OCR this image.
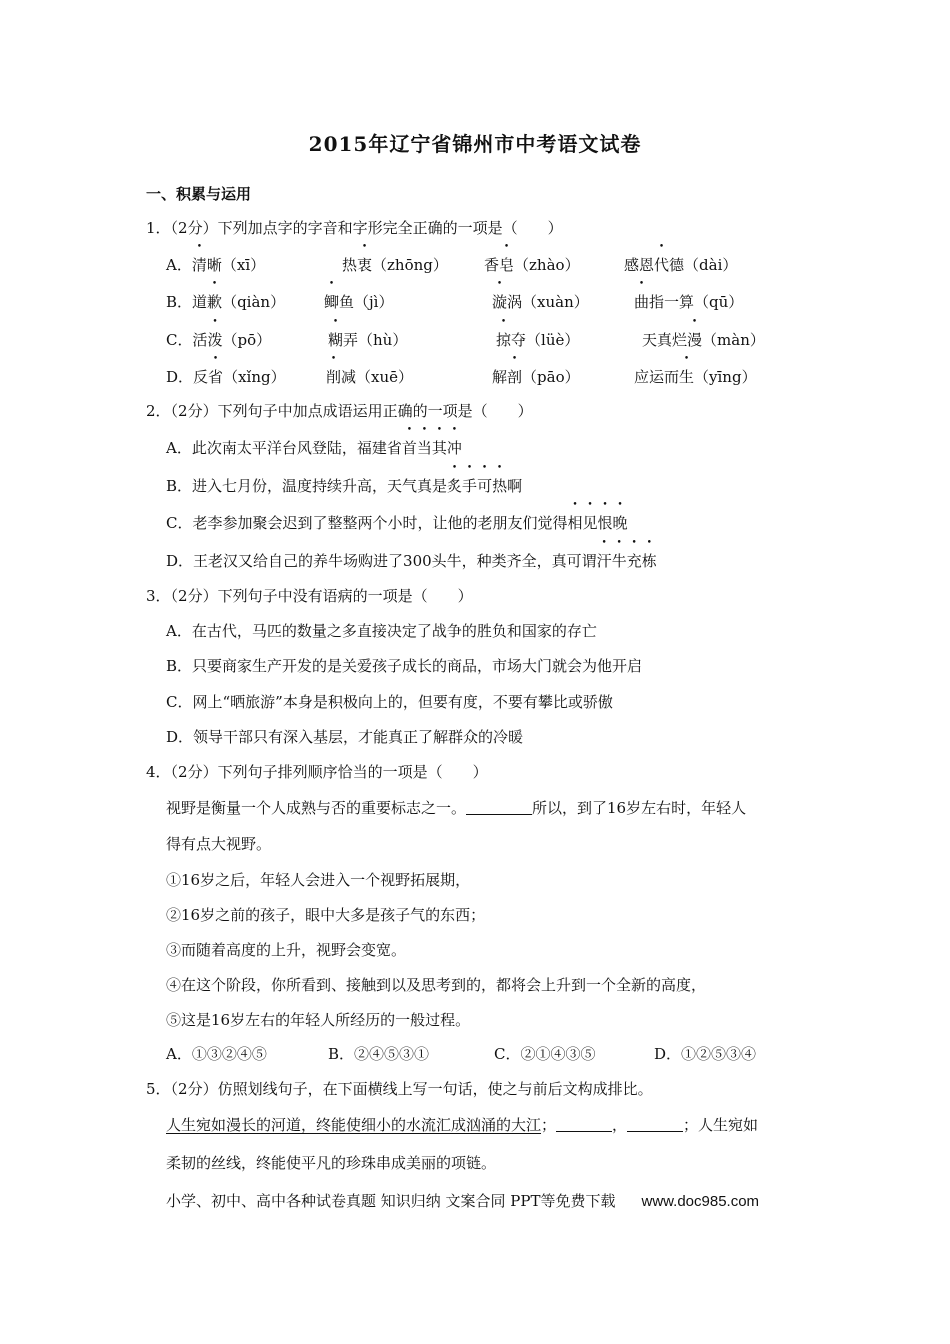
2015年辽宁省锦州市中考语文试卷
一、积累与运用
1．（2分）下列加点字的字音和字形完全正确的一项是（　　）
A．清晰（xī）	热衷（zhōng） 香皂（zhào）	感恩代德（dài）
B．道歉（qiàn）	鲫鱼（jì）	漩涡（xuàn）	曲指一算（qū）
C．活泼（pō）	糊弄（hù）	掠夺（lüè）	天真烂漫（màn）
D．反省（xǐng）	削减（xuē）	解剖（pāo）	应运而生（yīng）
2．（2分）下列句子中加点成语运用正确的一项是（　　）
A．此次南太平洋台风登陆，福建省首当其冲
B．进入七月份，温度持续升高，天气真是炙手可热啊
C．老李参加聚会迟到了整整两个小时，让他的老朋友们觉得相见恨晚
D．王老汉又给自己的养牛场购进了300头牛，种类齐全，真可谓汗牛充栋
3．（2分）下列句子中没有语病的一项是（　　）
A．在古代，马匹的数量之多直接决定了战争的胜负和国家的存亡
B．只要商家生产开发的是关爱孩子成长的商品，市场大门就会为他开启
C．网上“晒旅游”本身是积极向上的，但要有度，不要有攀比或骄傲
D．领导干部只有深入基层，才能真正了解群众的冷暖
4．（2分）下列句子排列顺序恰当的一项是（　　）
视野是衡量一个人成熟与否的重要标志之一。	所以，到了16岁左右时，年轻人
得有点大视野。
①16岁之后，年轻人会进入一个视野拓展期，
②16岁之前的孩子，眼中大多是孩子气的东西；
③而随着高度的上升，视野会变宽。
④在这个阶段，你所看到、接触到以及思考到的，都将会上升到一个全新的高度，
⑤这是16岁左右的年轻人所经历的一般过程。
A．①③②④⑤	B．②④⑤③①	C．②①④③⑤	D．①②⑤③④
5．（2分）仿照划线句子，在下面横线上写一句话，使之与前后文构成排比。
人生宛如漫长的河道，终能使细小的水流汇成汹涌的大江；	，	；人生宛如
柔韧的丝线，终能使平凡的珍珠串成美丽的项链。
小学、初中、高中各种试卷真题 知识归纳 文案合同 PPT等免费下载 www.doc985.com
